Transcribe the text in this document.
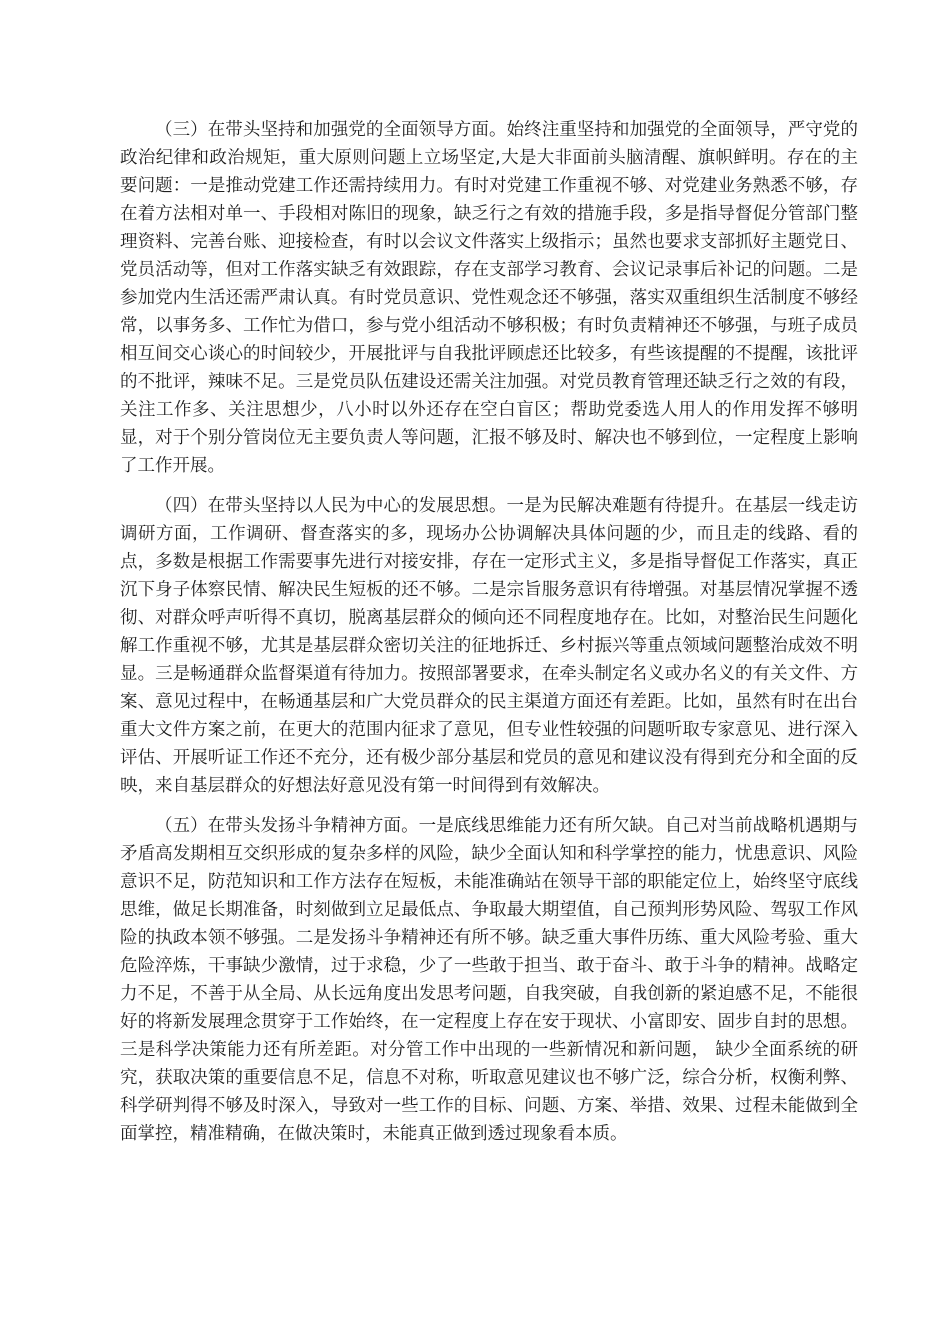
（三）在带头坚持和加强党的全面领导方面。始终注重坚持和加强党的全面领导，严守党的政治纪律和政治规矩，重大原则问题上立场坚定,大是大非面前头脑清醒、旗帜鲜明。存在的主要问题：一是推动党建工作还需持续用力。有时对党建工作重视不够、对党建业务熟悉不够，存在着方法相对单一、手段相对陈旧的现象，缺乏行之有效的措施手段，多是指导督促分管部门整理资料、完善台账、迎接检查，有时以会议文件落实上级指示；虽然也要求支部抓好主题党日、党员活动等，但对工作落实缺乏有效跟踪，存在支部学习教育、会议记录事后补记的问题。二是参加党内生活还需严肃认真。有时党员意识、党性观念还不够强，落实双重组织生活制度不够经常，以事务多、工作忙为借口，参与党小组活动不够积极；有时负责精神还不够强，与班子成员相互间交心谈心的时间较少，开展批评与自我批评顾虑还比较多，有些该提醒的不提醒，该批评的不批评，辣味不足。三是党员队伍建设还需关注加强。对党员教育管理还缺乏行之效的有段，关注工作多、关注思想少，八小时以外还存在空白盲区；帮助党委选人用人的作用发挥不够明显，对于个别分管岗位无主要负责人等问题，汇报不够及时、解决也不够到位，一定程度上影响了工作开展。

（四）在带头坚持以人民为中心的发展思想。一是为民解决难题有待提升。在基层一线走访调研方面，工作调研、督查落实的多，现场办公协调解决具体问题的少，而且走的线路、看的点，多数是根据工作需要事先进行对接安排，存在一定形式主义，多是指导督促工作落实，真正沉下身子体察民情、解决民生短板的还不够。二是宗旨服务意识有待增强。对基层情况掌握不透彻、对群众呼声听得不真切，脱离基层群众的倾向还不同程度地存在。比如，对整治民生问题化解工作重视不够，尤其是基层群众密切关注的征地拆迁、乡村振兴等重点领域问题整治成效不明显。三是畅通群众监督渠道有待加力。按照部署要求，在牵头制定名义或办名义的有关文件、方案、意见过程中，在畅通基层和广大党员群众的民主渠道方面还有差距。比如，虽然有时在出台重大文件方案之前，在更大的范围内征求了意见，但专业性较强的问题听取专家意见、进行深入评估、开展听证工作还不充分，还有极少部分基层和党员的意见和建议没有得到充分和全面的反映，来自基层群众的好想法好意见没有第一时间得到有效解决。

（五）在带头发扬斗争精神方面。一是底线思维能力还有所欠缺。自己对当前战略机遇期与矛盾高发期相互交织形成的复杂多样的风险，缺少全面认知和科学掌控的能力，忧患意识、风险意识不足，防范知识和工作方法存在短板，未能准确站在领导干部的职能定位上，始终坚守底线思维，做足长期准备，时刻做到立足最低点、争取最大期望值，自己预判形势风险、驾驭工作风险的执政本领不够强。二是发扬斗争精神还有所不够。缺乏重大事件历练、重大风险考验、重大危险淬炼，干事缺少激情，过于求稳，少了一些敢于担当、敢于奋斗、敢于斗争的精神。战略定力不足，不善于从全局、从长远角度出发思考问题，自我突破，自我创新的紧迫感不足，不能很好的将新发展理念贯穿于工作始终，在一定程度上存在安于现状、小富即安、固步自封的思想。三是科学决策能力还有所差距。对分管工作中出现的一些新情况和新问题， 缺少全面系统的研究，获取决策的重要信息不足，信息不对称，听取意见建议也不够广泛，综合分析，权衡利弊、科学研判得不够及时深入，导致对一些工作的目标、问题、方案、举措、效果、过程未能做到全面掌控，精准精确，在做决策时，未能真正做到透过现象看本质。
